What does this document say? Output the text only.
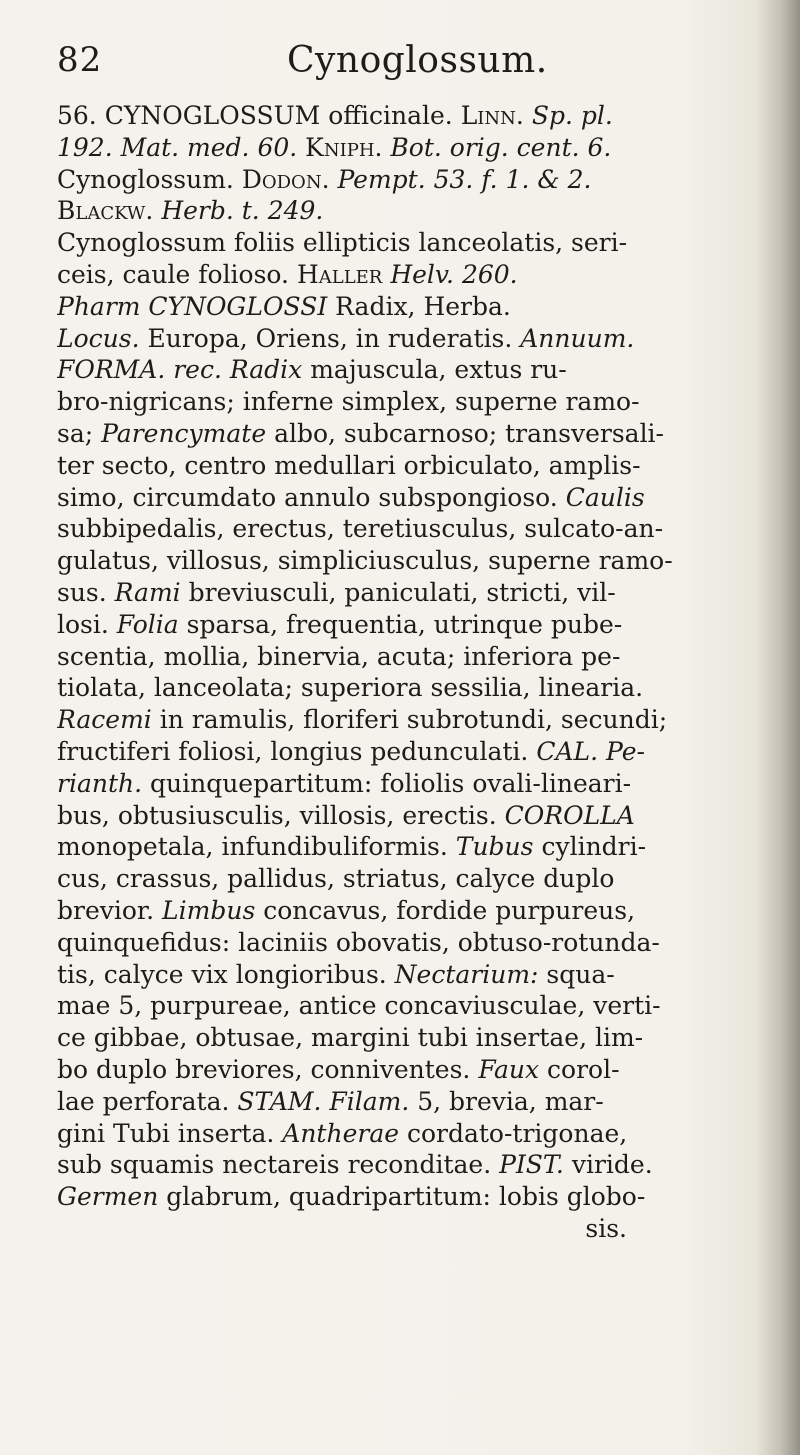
82	Cynoglossum.
56. CYNOGLOSSUM officinale. Linn. Sp. pl.
192. Mat. med. 60. Kniph. Bot. orig. cent. 6.
Cynoglossum. Dodon. Pempt. 53. f. 1. & 2.
Blackw. Herb. t. 249.
Cynoglossum foliis ellipticis lanceolatis, seri-
ceis, caule folioso. Haller Helv. 260.
Pharm CYNOGLOSSI Radix, Herba.
Locus. Europa, Oriens, in ruderatis. Annuum.
FORMA. rec. Radix majuscula, extus ru-
bro-nigricans; inferne simplex, superne ramo-
sa; Parencymate albo, subcarnoso; transversali-
ter secto, centro medullari orbiculato, amplis-
simo, circumdato annulo subspongioso. Caulis
subbipedalis, erectus, teretiusculus, sulcato-an-
gulatus, villosus, simpliciusculus, superne ramo-
sus. Rami breviusculi, paniculati, stricti, vil-
losi. Folia sparsa, frequentia, utrinque pube-
scentia, mollia, binervia, acuta; inferiora pe-
tiolata, lanceolata; superiora sessilia, linearia.
Racemi in ramulis, floriferi subrotundi, secundi;
fructiferi foliosi, longius pedunculati. CAL. Pe-
rianth. quinquepartitum: foliolis ovali-lineari-
bus, obtusiusculis, villosis, erectis. COROLLA
monopetala, infundibuliformis. Tubus cylindri-
cus, crassus, pallidus, striatus, calyce duplo
brevior. Limbus concavus, fordide purpureus,
quinquefidus: laciniis obovatis, obtuso-rotunda-
tis, calyce vix longioribus. Nectarium: squa-
mae 5, purpureae, antice concaviusculae, verti-
ce gibbae, obtusae, margini tubi insertae, lim-
bo duplo breviores, conniventes. Faux corol-
lae perforata. STAM. Filam. 5, brevia, mar-
gini Tubi inserta. Antherae cordato-trigonae,
sub squamis nectareis reconditae. PIST. viride.
Germen glabrum, quadripartitum: lobis globo-
sis.
